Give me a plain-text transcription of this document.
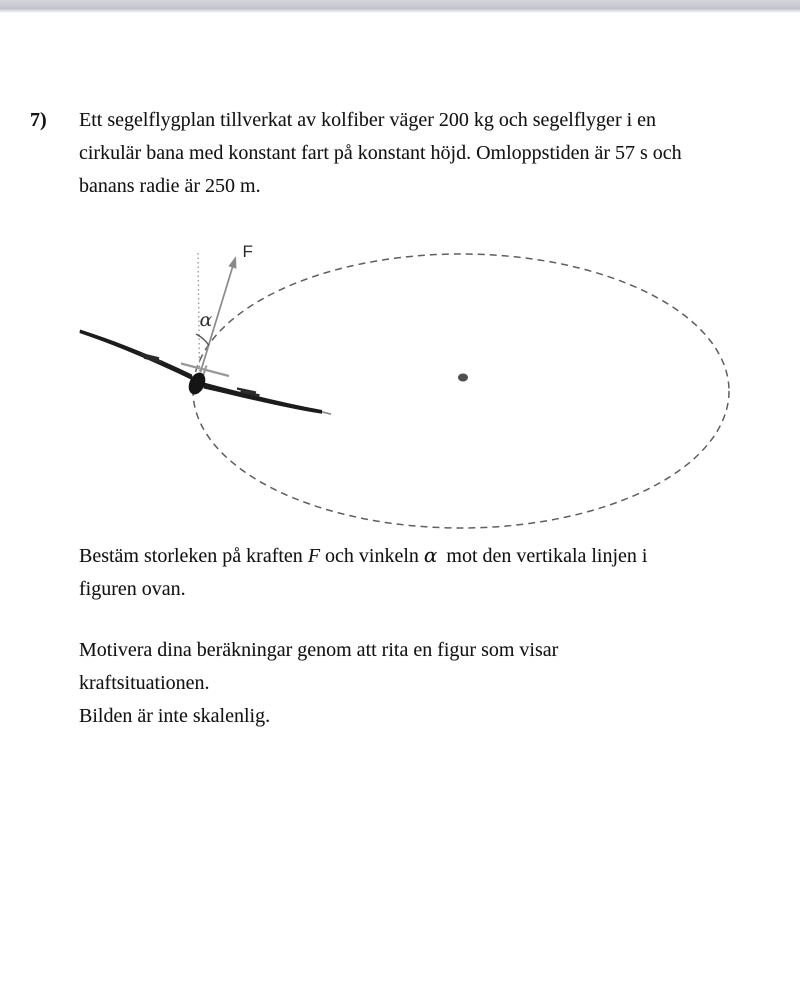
7) Ett segelflygplan tillverkat av kolfiber väger 200 kg och segelflyger i en
cirkulär bana med konstant fart på konstant höjd. Omloppstiden är 57 s och
banans radie är 250 m.
F
α
Bestäm storleken på kraften F och vinkeln α mot den vertikala linjen i
figuren ovan.
Motivera dina beräkningar genom att rita en figur som visar
kraftsituationen.
Bilden är inte skalenlig.
